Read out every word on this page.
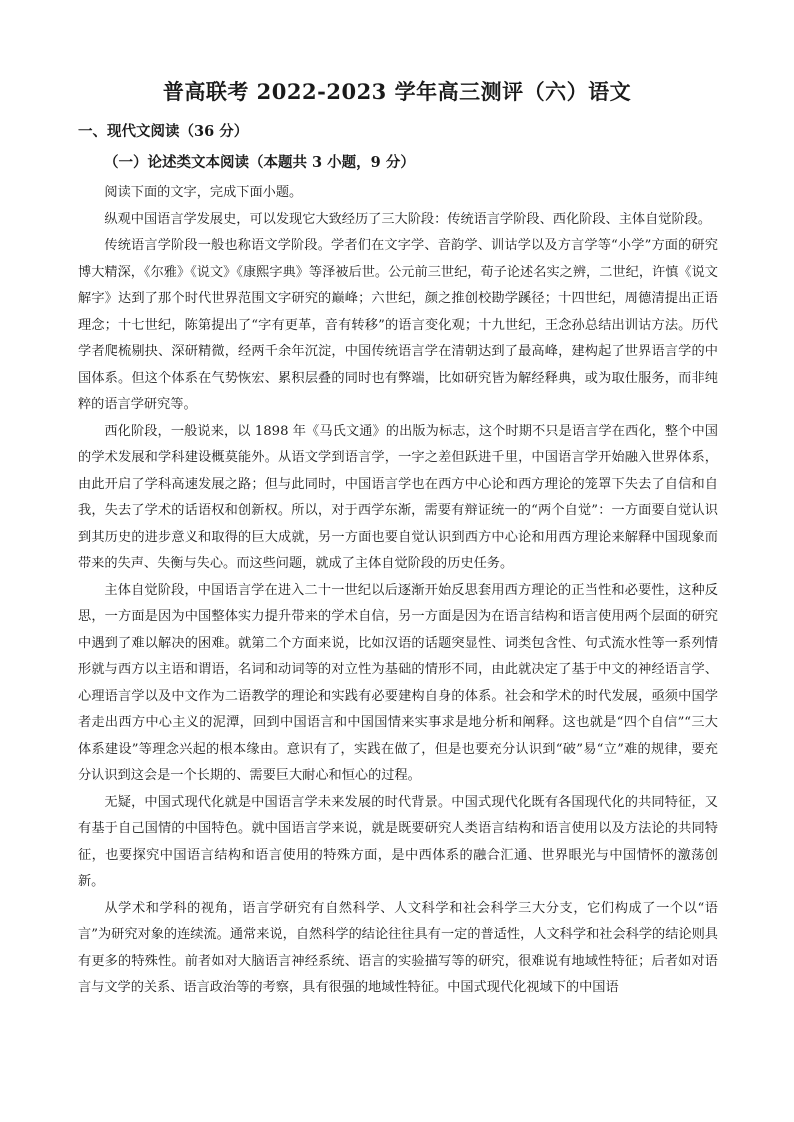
普高联考 2022-2023 学年高三测评（六）语文
一、现代文阅读（36 分）
（一）论述类文本阅读（本题共 3 小题，9 分）

阅读下面的文字，完成下面小题。

纵观中国语言学发展史，可以发现它大致经历了三大阶段：传统语言学阶段、西化阶段、主体自觉阶段。

传统语言学阶段一般也称语文学阶段。学者们在文字学、音韵学、训诂学以及方言学等“小学”方面的研究博大精深，《尔雅》《说文》《康熙字典》等泽被后世。公元前三世纪，荀子论述名实之辨，二世纪，许慎《说文解字》达到了那个时代世界范围文字研究的巅峰；六世纪，颜之推创校勘学蹊径；十四世纪，周德清提出正语理念；十七世纪，陈第提出了“字有更革，音有转移”的语言变化观；十九世纪，王念孙总结出训诂方法。历代学者爬梳剔抉、深研精微，经两千余年沉淀，中国传统语言学在清朝达到了最高峰，建构起了世界语言学的中国体系。但这个体系在气势恢宏、累积层叠的同时也有弊端，比如研究皆为解经释典，或为取仕服务，而非纯粹的语言学研究等。

西化阶段，一般说来，以 1898 年《马氏文通》的出版为标志，这个时期不只是语言学在西化，整个中国的学术发展和学科建设概莫能外。从语文学到语言学，一字之差但跃进千里，中国语言学开始融入世界体系，由此开启了学科高速发展之路；但与此同时，中国语言学也在西方中心论和西方理论的笼罩下失去了自信和自我，失去了学术的话语权和创新权。所以，对于西学东渐，需要有辩证统一的“两个自觉”：一方面要自觉认识到其历史的进步意义和取得的巨大成就，另一方面也要自觉认识到西方中心论和用西方理论来解释中国现象而带来的失声、失衡与失心。而这些问题，就成了主体自觉阶段的历史任务。

主体自觉阶段，中国语言学在进入二十一世纪以后逐渐开始反思套用西方理论的正当性和必要性，这种反思，一方面是因为中国整体实力提升带来的学术自信，另一方面是因为在语言结构和语言使用两个层面的研究中遇到了难以解决的困难。就第二个方面来说，比如汉语的话题突显性、词类包含性、句式流水性等一系列情形就与西方以主语和谓语，名词和动词等的对立性为基础的情形不同，由此就决定了基于中文的神经语言学、心理语言学以及中文作为二语教学的理论和实践有必要建构自身的体系。社会和学术的时代发展，亟须中国学者走出西方中心主义的泥潭，回到中国语言和中国国情来实事求是地分析和阐释。这也就是“四个自信”“三大体系建设”等理念兴起的根本缘由。意识有了，实践在做了，但是也要充分认识到“破”易“立”难的规律，要充分认识到这会是一个长期的、需要巨大耐心和恒心的过程。

无疑，中国式现代化就是中国语言学未来发展的时代背景。中国式现代化既有各国现代化的共同特征，又有基于自己国情的中国特色。就中国语言学来说，就是既要研究人类语言结构和语言使用以及方法论的共同特征，也要探究中国语言结构和语言使用的特殊方面，是中西体系的融合汇通、世界眼光与中国情怀的激荡创新。

从学术和学科的视角，语言学研究有自然科学、人文科学和社会科学三大分支，它们构成了一个以“语言”为研究对象的连续流。通常来说，自然科学的结论往往具有一定的普适性，人文科学和社会科学的结论则具有更多的特殊性。前者如对大脑语言神经系统、语言的实验描写等的研究，很难说有地域性特征；后者如对语言与文学的关系、语言政治等的考察，具有很强的地域性特征。中国式现代化视域下的中国语
